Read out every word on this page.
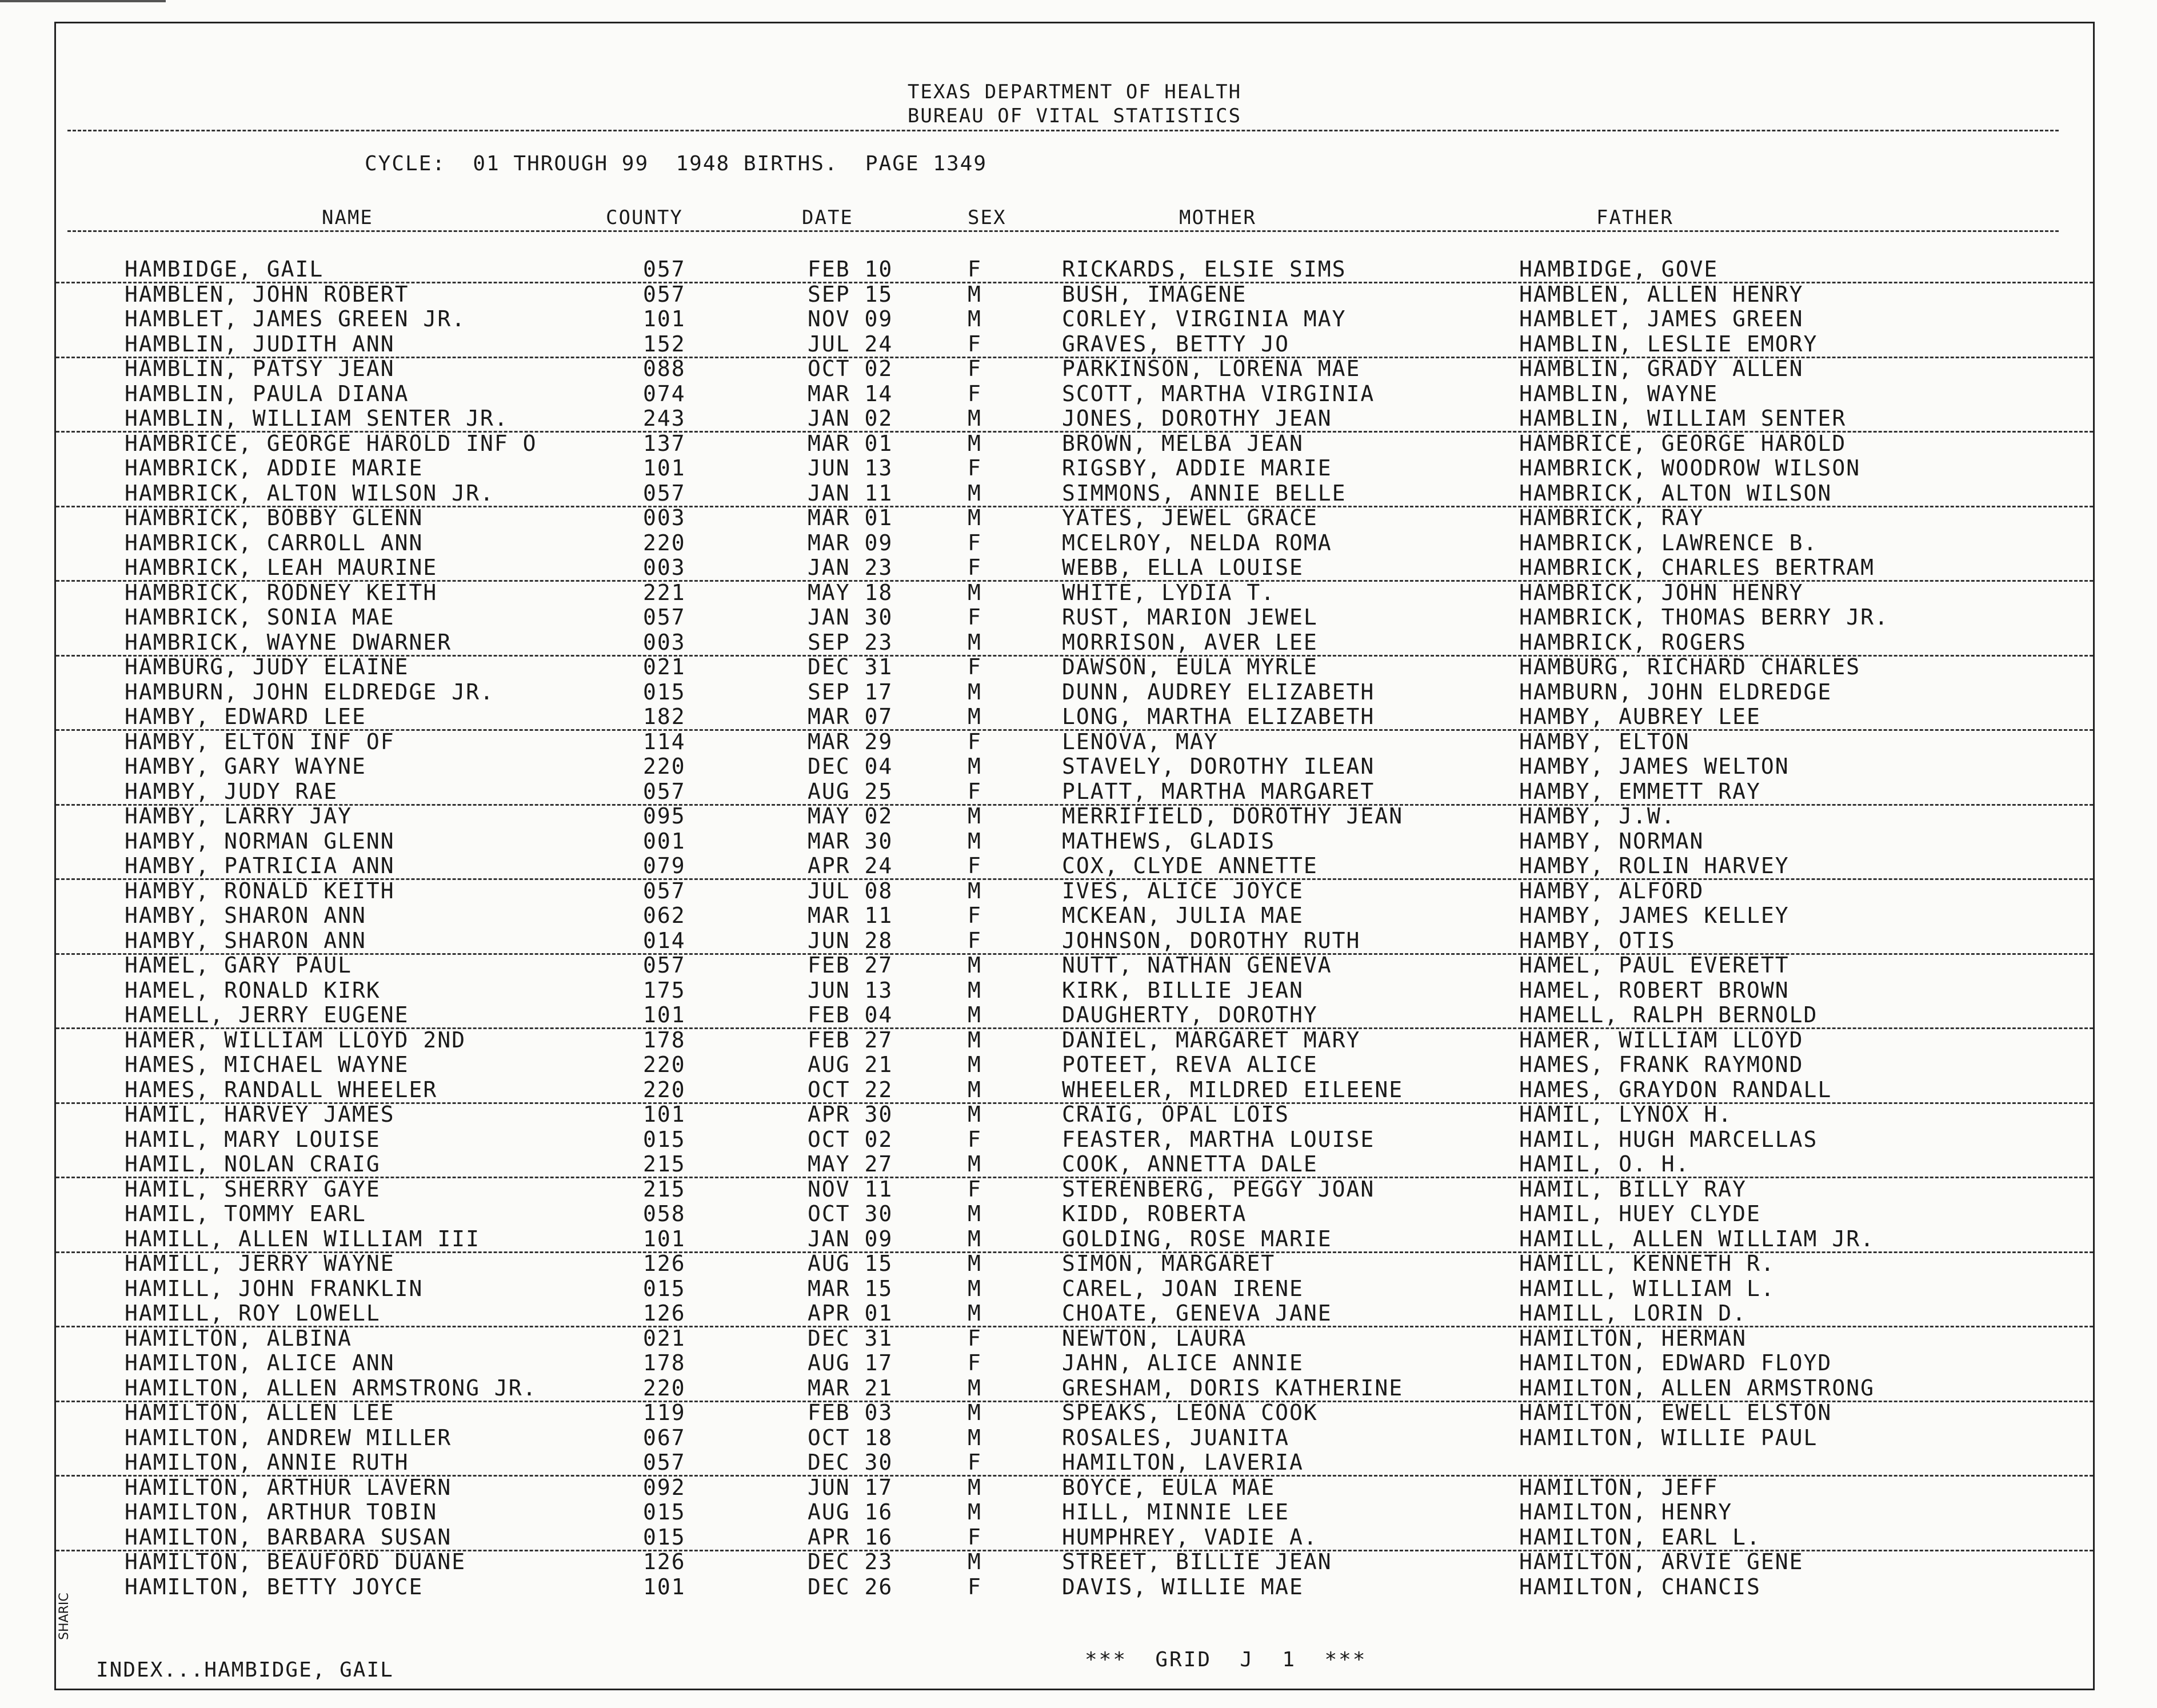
TEXAS DEPARTMENT OF HEALTH
BUREAU OF VITAL STATISTICS
CYCLE:  01 THROUGH 99  1948 BIRTHS.  PAGE 1349
NAME	COUNTY	DATE	SEX	MOTHER	FATHER
HAMBIDGE, GAIL	057	FEB 10	F	RICKARDS, ELSIE SIMS	HAMBIDGE, GOVE
HAMBLEN, JOHN ROBERT	057	SEP 15	M	BUSH, IMAGENE	HAMBLEN, ALLEN HENRY
HAMBLET, JAMES GREEN JR.	101	NOV 09	M	CORLEY, VIRGINIA MAY	HAMBLET, JAMES GREEN
HAMBLIN, JUDITH ANN	152	JUL 24	F	GRAVES, BETTY JO	HAMBLIN, LESLIE EMORY
HAMBLIN, PATSY JEAN	088	OCT 02	F	PARKINSON, LORENA MAE	HAMBLIN, GRADY ALLEN
HAMBLIN, PAULA DIANA	074	MAR 14	F	SCOTT, MARTHA VIRGINIA	HAMBLIN, WAYNE
HAMBLIN, WILLIAM SENTER JR.	243	JAN 02	M	JONES, DOROTHY JEAN	HAMBLIN, WILLIAM SENTER
HAMBRICE, GEORGE HAROLD INF O	137	MAR 01	M	BROWN, MELBA JEAN	HAMBRICE, GEORGE HAROLD
HAMBRICK, ADDIE MARIE	101	JUN 13	F	RIGSBY, ADDIE MARIE	HAMBRICK, WOODROW WILSON
HAMBRICK, ALTON WILSON JR.	057	JAN 11	M	SIMMONS, ANNIE BELLE	HAMBRICK, ALTON WILSON
HAMBRICK, BOBBY GLENN	003	MAR 01	M	YATES, JEWEL GRACE	HAMBRICK, RAY
HAMBRICK, CARROLL ANN	220	MAR 09	F	MCELROY, NELDA ROMA	HAMBRICK, LAWRENCE B.
HAMBRICK, LEAH MAURINE	003	JAN 23	F	WEBB, ELLA LOUISE	HAMBRICK, CHARLES BERTRAM
HAMBRICK, RODNEY KEITH	221	MAY 18	M	WHITE, LYDIA T.	HAMBRICK, JOHN HENRY
HAMBRICK, SONIA MAE	057	JAN 30	F	RUST, MARION JEWEL	HAMBRICK, THOMAS BERRY JR.
HAMBRICK, WAYNE DWARNER	003	SEP 23	M	MORRISON, AVER LEE	HAMBRICK, ROGERS
HAMBURG, JUDY ELAINE	021	DEC 31	F	DAWSON, EULA MYRLE	HAMBURG, RICHARD CHARLES
HAMBURN, JOHN ELDREDGE JR.	015	SEP 17	M	DUNN, AUDREY ELIZABETH	HAMBURN, JOHN ELDREDGE
HAMBY, EDWARD LEE	182	MAR 07	M	LONG, MARTHA ELIZABETH	HAMBY, AUBREY LEE
HAMBY, ELTON INF OF	114	MAR 29	F	LENOVA, MAY	HAMBY, ELTON
HAMBY, GARY WAYNE	220	DEC 04	M	STAVELY, DOROTHY ILEAN	HAMBY, JAMES WELTON
HAMBY, JUDY RAE	057	AUG 25	F	PLATT, MARTHA MARGARET	HAMBY, EMMETT RAY
HAMBY, LARRY JAY	095	MAY 02	M	MERRIFIELD, DOROTHY JEAN	HAMBY, J.W.
HAMBY, NORMAN GLENN	001	MAR 30	M	MATHEWS, GLADIS	HAMBY, NORMAN
HAMBY, PATRICIA ANN	079	APR 24	F	COX, CLYDE ANNETTE	HAMBY, ROLIN HARVEY
HAMBY, RONALD KEITH	057	JUL 08	M	IVES, ALICE JOYCE	HAMBY, ALFORD
HAMBY, SHARON ANN	062	MAR 11	F	MCKEAN, JULIA MAE	HAMBY, JAMES KELLEY
HAMBY, SHARON ANN	014	JUN 28	F	JOHNSON, DOROTHY RUTH	HAMBY, OTIS
HAMEL, GARY PAUL	057	FEB 27	M	NUTT, NATHAN GENEVA	HAMEL, PAUL EVERETT
HAMEL, RONALD KIRK	175	JUN 13	M	KIRK, BILLIE JEAN	HAMEL, ROBERT BROWN
HAMELL, JERRY EUGENE	101	FEB 04	M	DAUGHERTY, DOROTHY	HAMELL, RALPH BERNOLD
HAMER, WILLIAM LLOYD 2ND	178	FEB 27	M	DANIEL, MARGARET MARY	HAMER, WILLIAM LLOYD
HAMES, MICHAEL WAYNE	220	AUG 21	M	POTEET, REVA ALICE	HAMES, FRANK RAYMOND
HAMES, RANDALL WHEELER	220	OCT 22	M	WHEELER, MILDRED EILEENE	HAMES, GRAYDON RANDALL
HAMIL, HARVEY JAMES	101	APR 30	M	CRAIG, OPAL LOIS	HAMIL, LYNOX H.
HAMIL, MARY LOUISE	015	OCT 02	F	FEASTER, MARTHA LOUISE	HAMIL, HUGH MARCELLAS
HAMIL, NOLAN CRAIG	215	MAY 27	M	COOK, ANNETTA DALE	HAMIL, O. H.
HAMIL, SHERRY GAYE	215	NOV 11	F	STERENBERG, PEGGY JOAN	HAMIL, BILLY RAY
HAMIL, TOMMY EARL	058	OCT 30	M	KIDD, ROBERTA	HAMIL, HUEY CLYDE
HAMILL, ALLEN WILLIAM III	101	JAN 09	M	GOLDING, ROSE MARIE	HAMILL, ALLEN WILLIAM JR.
HAMILL, JERRY WAYNE	126	AUG 15	M	SIMON, MARGARET	HAMILL, KENNETH R.
HAMILL, JOHN FRANKLIN	015	MAR 15	M	CAREL, JOAN IRENE	HAMILL, WILLIAM L.
HAMILL, ROY LOWELL	126	APR 01	M	CHOATE, GENEVA JANE	HAMILL, LORIN D.
HAMILTON, ALBINA	021	DEC 31	F	NEWTON, LAURA	HAMILTON, HERMAN
HAMILTON, ALICE ANN	178	AUG 17	F	JAHN, ALICE ANNIE	HAMILTON, EDWARD FLOYD
HAMILTON, ALLEN ARMSTRONG JR.	220	MAR 21	M	GRESHAM, DORIS KATHERINE	HAMILTON, ALLEN ARMSTRONG
HAMILTON, ALLEN LEE	119	FEB 03	M	SPEAKS, LEONA COOK	HAMILTON, EWELL ELSTON
HAMILTON, ANDREW MILLER	067	OCT 18	M	ROSALES, JUANITA	HAMILTON, WILLIE PAUL
HAMILTON, ANNIE RUTH	057	DEC 30	F	HAMILTON, LAVERIA
HAMILTON, ARTHUR LAVERN	092	JUN 17	M	BOYCE, EULA MAE	HAMILTON, JEFF
HAMILTON, ARTHUR TOBIN	015	AUG 16	M	HILL, MINNIE LEE	HAMILTON, HENRY
HAMILTON, BARBARA SUSAN	015	APR 16	F	HUMPHREY, VADIE A.	HAMILTON, EARL L.
HAMILTON, BEAUFORD DUANE	126	DEC 23	M	STREET, BILLIE JEAN	HAMILTON, ARVIE GENE
HAMILTON, BETTY JOYCE	101	DEC 26	F	DAVIS, WILLIE MAE	HAMILTON, CHANCIS
***  GRID  J  1  ***
INDEX...HAMBIDGE, GAIL
SHARIC
